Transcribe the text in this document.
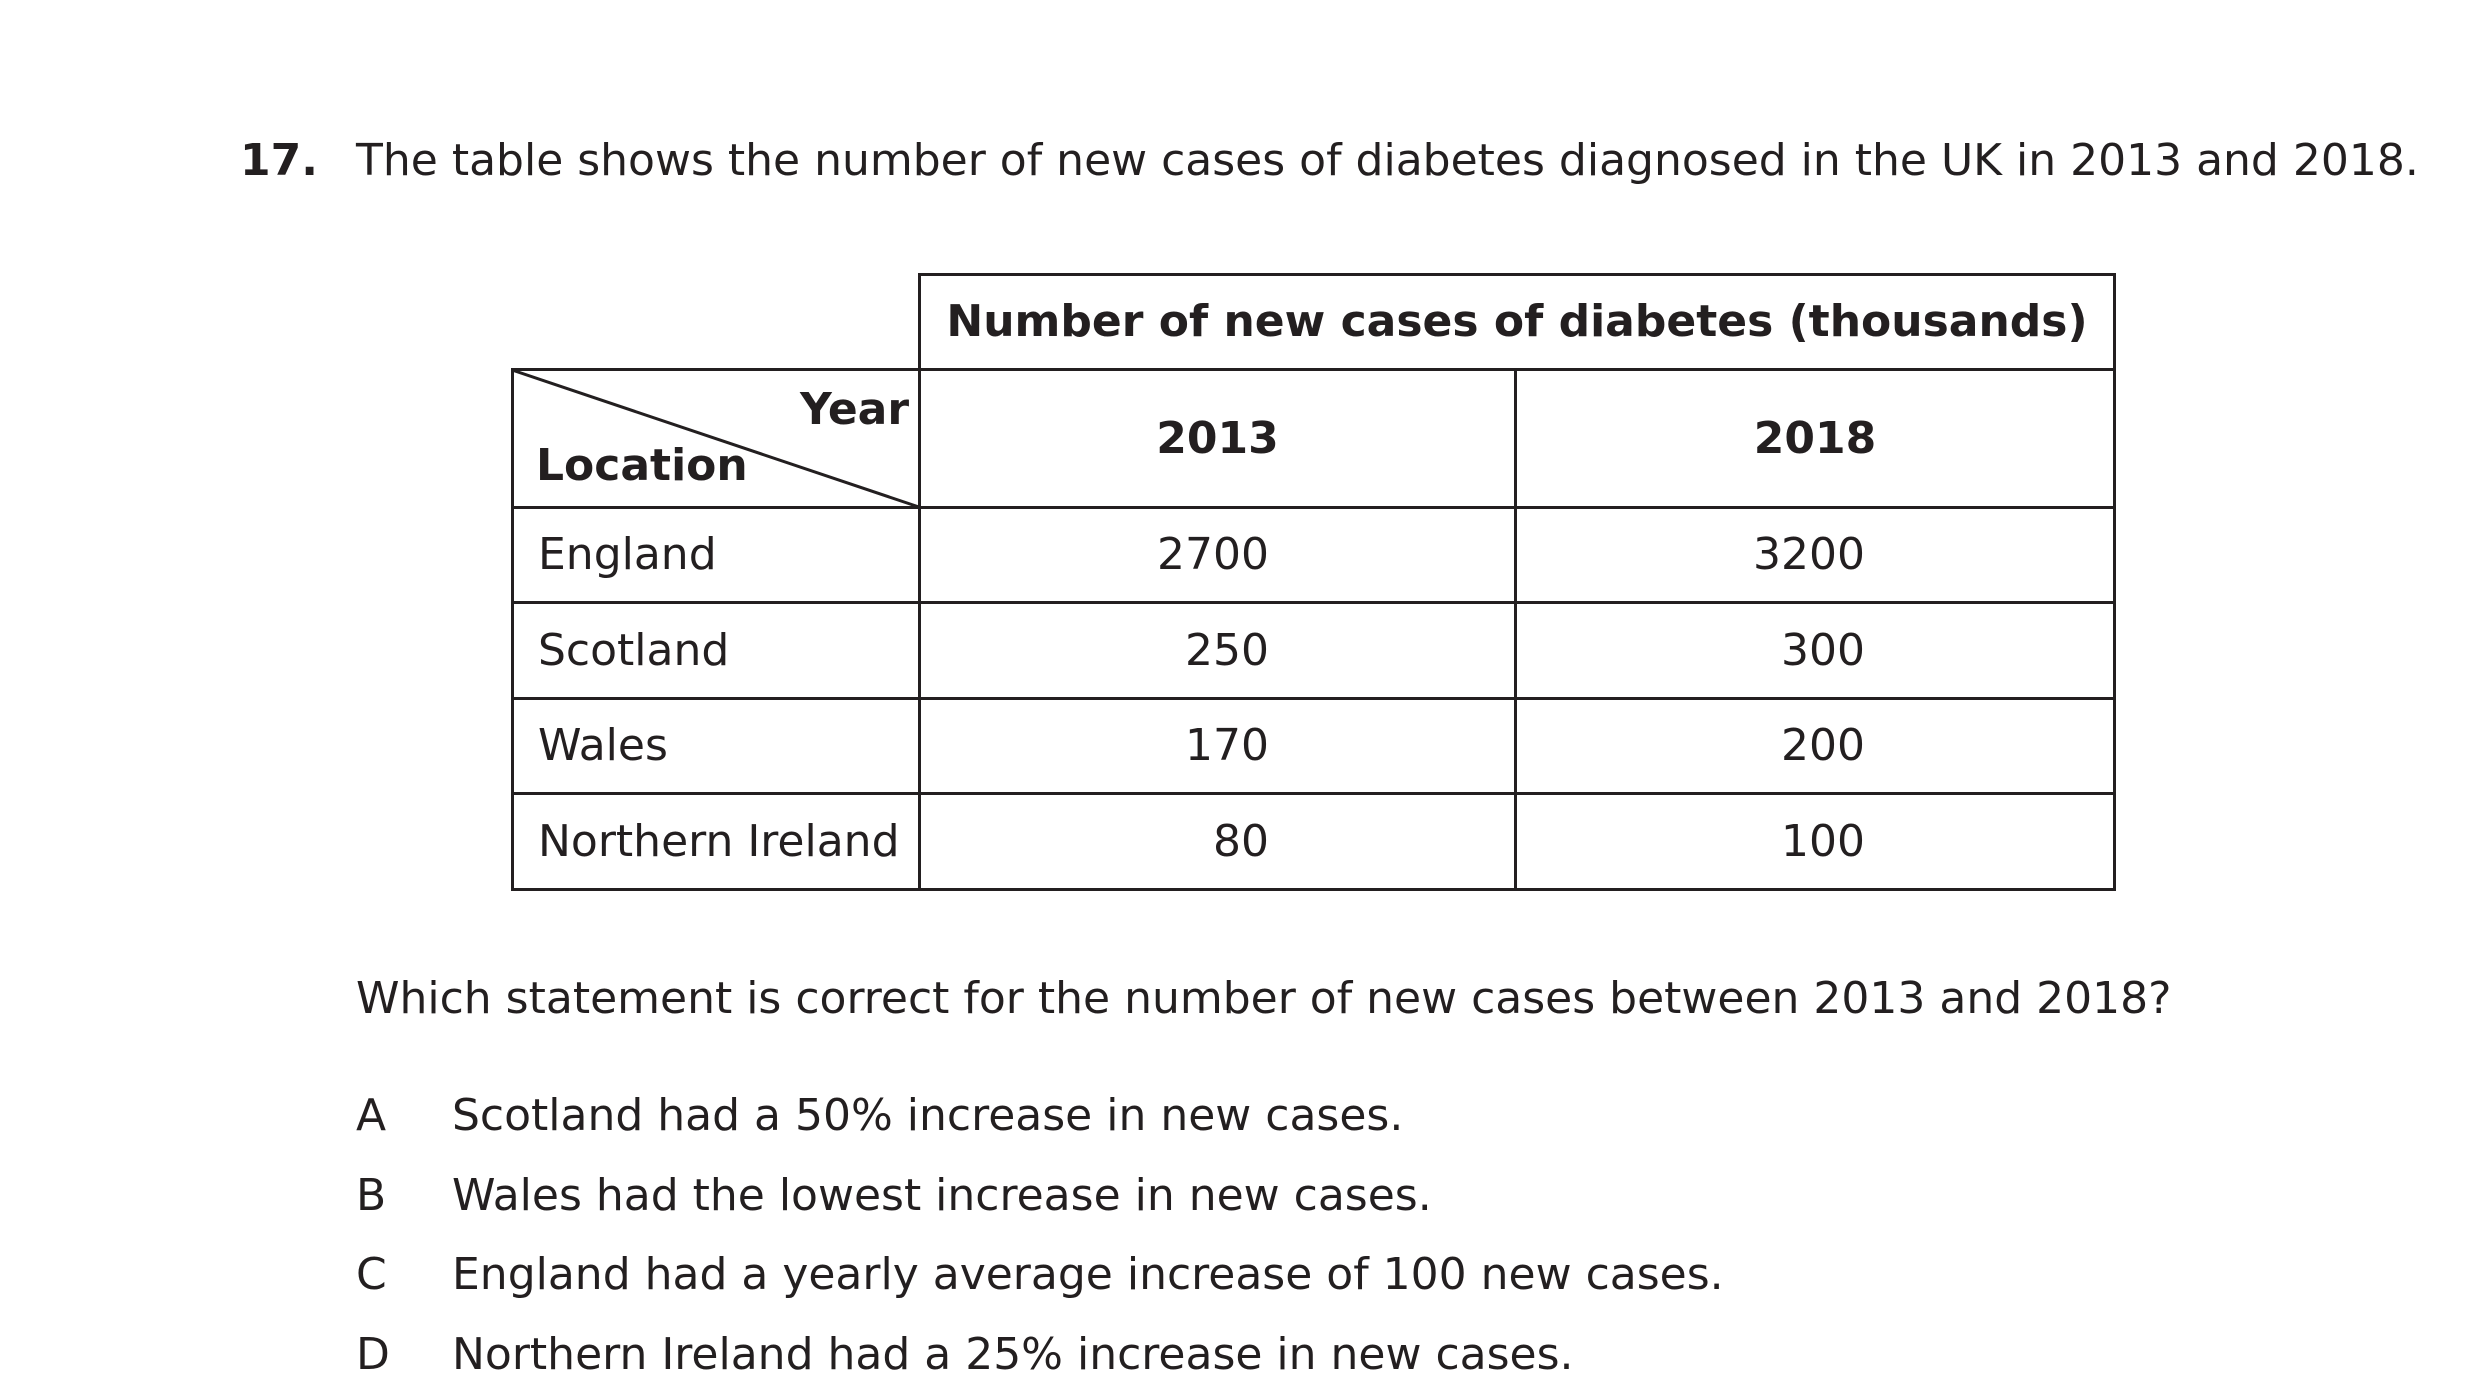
17. The table shows the number of new cases of diabetes diagnosed in the UK in 2013 and 2018.
Year
Location
Number of new cases of diabetes (thousands)
2013	2018
England	2700	3200
Scotland	250	300
Wales	170	200
Northern Ireland	80	100
Which statement is correct for the number of new cases between 2013 and 2018?
A Scotland had a 50% increase in new cases.
B Wales had the lowest increase in new cases.
C England had a yearly average increase of 100 new cases.
D Northern Ireland had a 25% increase in new cases.
